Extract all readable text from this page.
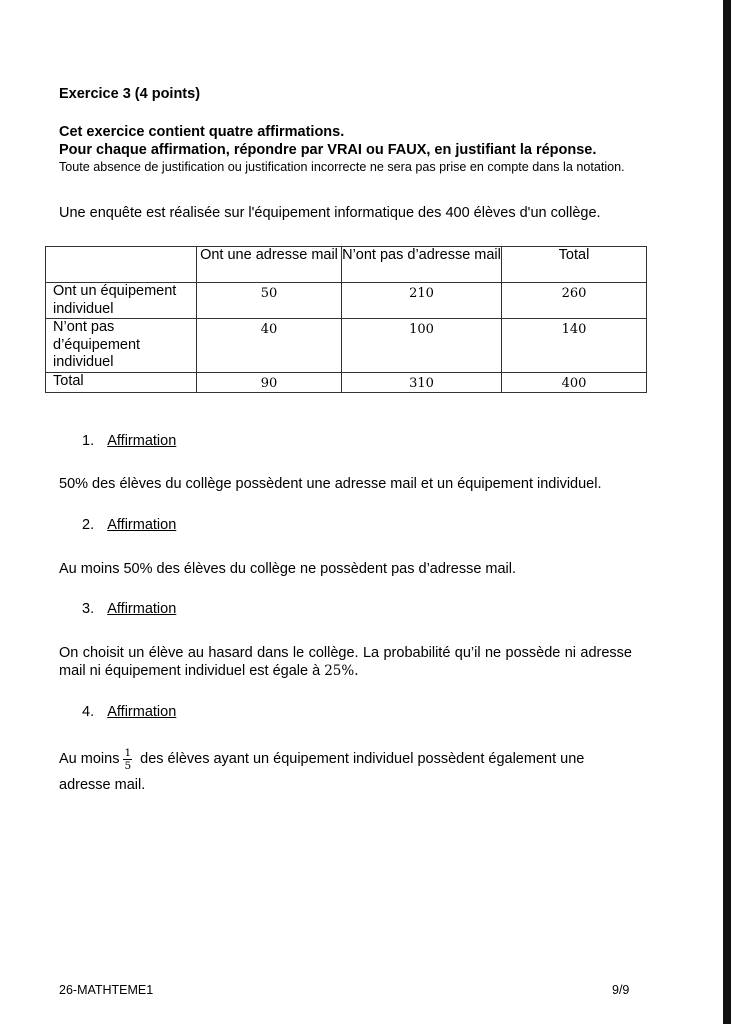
Exercice 3 (4 points)

Cet exercice contient quatre affirmations.
Pour chaque affirmation, répondre par VRAI ou FAUX, en justifiant la réponse.
Toute absence de justification ou justification incorrecte ne sera pas prise en compte dans la notation.

Une enquête est réalisée sur l'équipement informatique des 400 élèves d'un collège.

	Ont une adresse mail	N’ont pas d’adresse mail	Total
Ont un équipement individuel	50	210	260
N’ont pas d’équipement individuel	40	100	140
Total	90	310	400
1. Affirmation

50% des élèves du collège possèdent une adresse mail et un équipement individuel.

2. Affirmation

Au moins 50% des élèves du collège ne possèdent pas d’adresse mail.

3. Affirmation

On choisit un élève au hasard dans le collège. La probabilité qu’il ne possède ni adresse mail ni équipement individuel est égale à 25%.

4. Affirmation

Au moins $\frac{1}{5}$ des élèves ayant un équipement individuel possèdent également une adresse mail.

26-MATHTEME1	9/9
